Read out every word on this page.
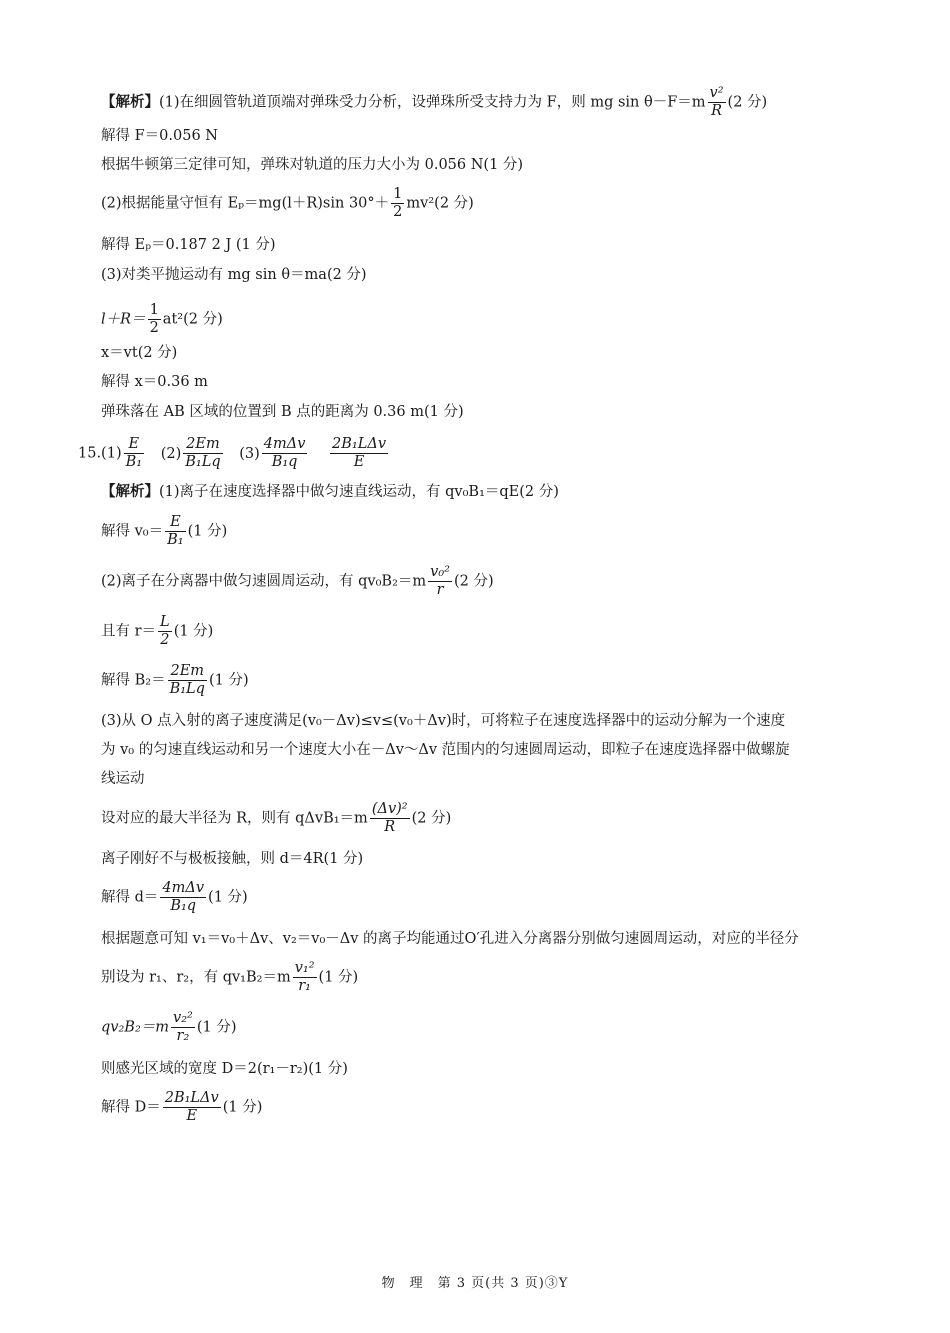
【解析】(1)在细圆管轨道顶端对弹珠受力分析，设弹珠所受支持力为 F，则 mg $\sin \theta-F=m \frac{\text{v²}}{R} (2$ 分)
解得 F＝0.056 N
根据牛顿第三定律可知，弹珠对轨道的压力大小为 0.056 N(1 分)
(2)根据能量守恒有 Eₚ＝mg(l＋R)sin $30^\circ+ \frac{1}{2} mv^2(2$ 分)
解得 Eₚ＝0.187 2 J (1 分)
(3)对类平抛运动有 mg sin θ＝ma(2 分)
$l+R= \frac{1}{2} at^2(2$ 分)
x＝vt(2 分)
解得 x＝0.36 m
弹珠落在 AB 区域的位置到 B 点的距离为 0.36 m(1 分)
$15.(1) \frac{E}{\text{B₁}} (2) \frac{2Em}{\text{B₁Lq}} (3)$
4mΔv
B₁q

2B₁LΔv
E
【解析】(1)离子在速度选择器中做匀速直线运动，有 qv₀B₁＝qE(2 分)
解得 $v_0= \frac{E}{\text{B₁}} (1$ 分)
(2)离子在分离器中做匀速圆周运动，有 $qv_0B_2=m \frac{\text{v₀²}}{r} (2$ 分)
且有 $r= \frac{L}{2} (1$ 分)
解得 $B_2= \frac{2Em}{\text{B₁Lq}} (1$ 分)
(3)从 O 点入射的离子速度满足(v₀－Δv)≤v≤(v₀＋Δv)时，可将粒子在速度选择器中的运动分解为一个速度
为 v₀ 的匀速直线运动和另一个速度大小在－Δv～Δv 范围内的匀速圆周运动，即粒子在速度选择器中做螺旋
线运动
设对应的最大半径为 R，则有 $q\Delta vB_1=m \frac{\text{(Δv)²}}{R} (2$ 分)
离子刚好不与极板接触，则 d＝4R(1 分)
解得 d＝
4mΔv
B₁q
(1 分)
根据题意可知 v₁＝v₀＋Δv、v₂＝v₀－Δv 的离子均能通过O′孔进入分离器分别做匀速圆周运动，对应的半径分
别设为 r₁、r₂，有 $qv_1B_2=m \frac{\text{v₁²}}{\text{r₁}} (1$ 分)
$qv_2B_2=m \frac{\text{v₂²}}{\text{r₂}} (1$ 分)
则感光区域的宽度 D＝2(r₁－r₂)(1 分)
解得 D＝
2B₁LΔv
E
(1 分)
物　理　第 3 页(共 3 页)③Y
